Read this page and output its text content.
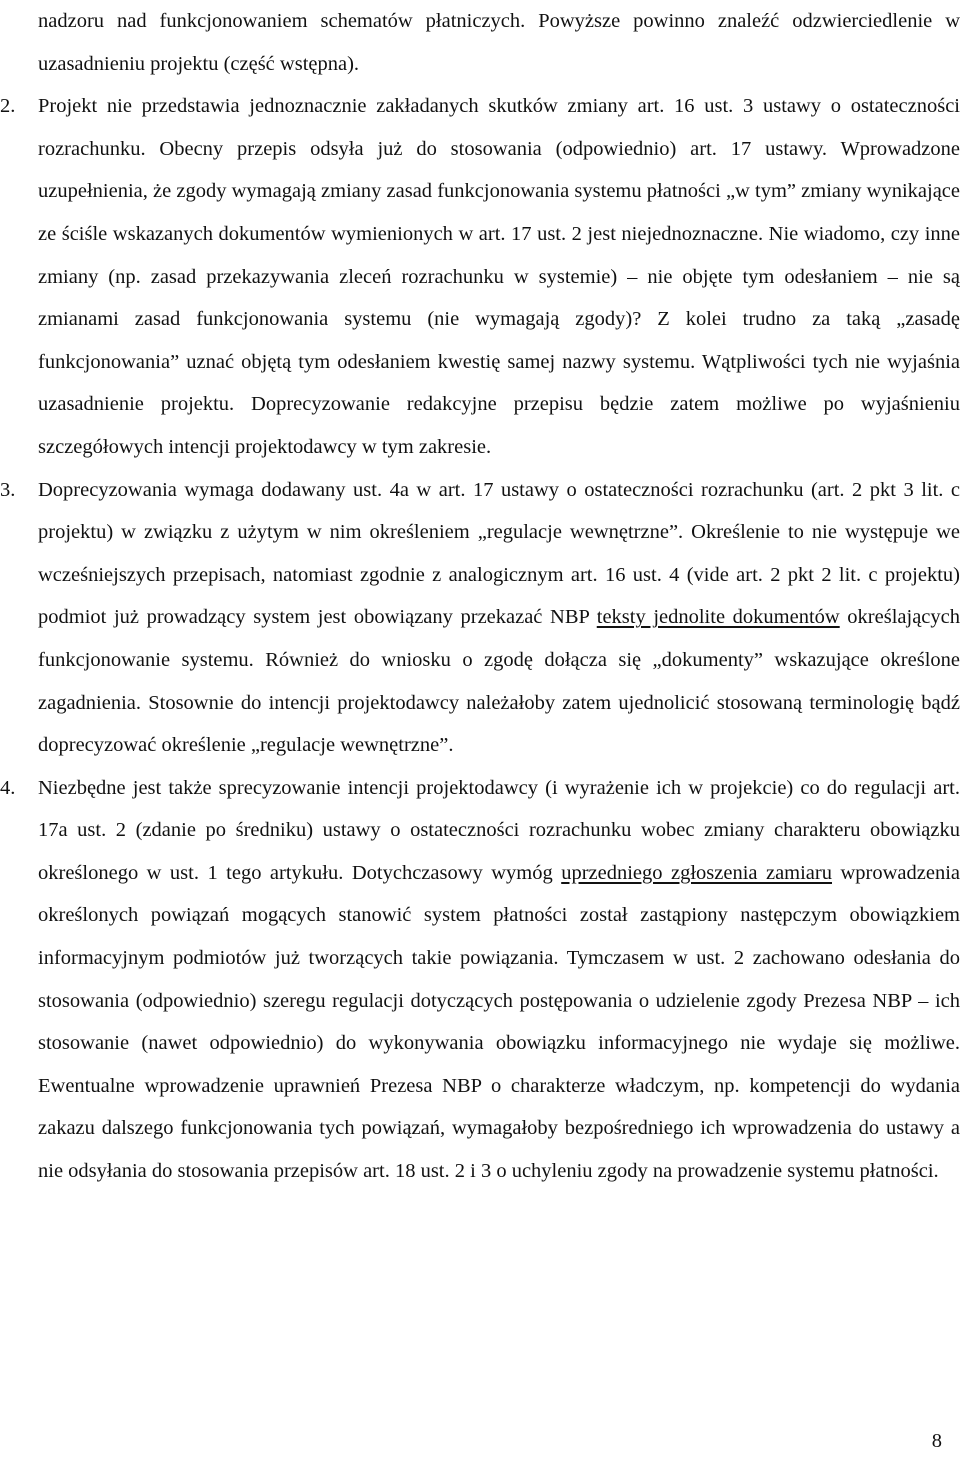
nadzoru nad funkcjonowaniem schematów płatniczych. Powyższe powinno znaleźć odzwierciedlenie w uzasadnieniu projektu (część wstępna).

2. Projekt nie przedstawia jednoznacznie zakładanych skutków zmiany art. 16 ust. 3 ustawy o ostateczności rozrachunku. Obecny przepis odsyła już do stosowania (odpowiednio) art. 17 ustawy. Wprowadzone uzupełnienia, że zgody wymagają zmiany zasad funkcjonowania systemu płatności „w tym” zmiany wynikające ze ściśle wskazanych dokumentów wymienionych w art. 17 ust. 2 jest niejednoznaczne. Nie wiadomo, czy inne zmiany (np. zasad przekazywania zleceń rozrachunku w systemie) – nie objęte tym odesłaniem – nie są zmianami zasad funkcjonowania systemu (nie wymagają zgody)? Z kolei trudno za taką „zasadę funkcjonowania” uznać objętą tym odesłaniem kwestię samej nazwy systemu. Wątpliwości tych nie wyjaśnia uzasadnienie projektu. Doprecyzowanie redakcyjne przepisu będzie zatem możliwe po wyjaśnieniu szczegółowych intencji projektodawcy w tym zakresie.
3. Doprecyzowania wymaga dodawany ust. 4a w art. 17 ustawy o ostateczności rozrachunku (art. 2 pkt 3 lit. c projektu) w związku z użytym w nim określeniem „regulacje wewnętrzne”. Określenie to nie występuje we wcześniejszych przepisach, natomiast zgodnie z analogicznym art. 16 ust. 4 (vide art. 2 pkt 2 lit. c projektu) podmiot już prowadzący system jest obowiązany przekazać NBP teksty jednolite dokumentów określających funkcjonowanie systemu. Również do wniosku o zgodę dołącza się „dokumenty” wskazujące określone zagadnienia. Stosownie do intencji projektodawcy należałoby zatem ujednolicić stosowaną terminologię bądź doprecyzować określenie „regulacje wewnętrzne”.
4. Niezbędne jest także sprecyzowanie intencji projektodawcy (i wyrażenie ich w projekcie) co do regulacji art. 17a ust. 2 (zdanie po średniku) ustawy o ostateczności rozrachunku wobec zmiany charakteru obowiązku określonego w ust. 1 tego artykułu. Dotychczasowy wymóg uprzedniego zgłoszenia zamiaru wprowadzenia określonych powiązań mogących stanowić system płatności został zastąpiony następczym obowiązkiem informacyjnym podmiotów już tworzących takie powiązania. Tymczasem w ust. 2 zachowano odesłania do stosowania (odpowiednio) szeregu regulacji dotyczących postępowania o udzielenie zgody Prezesa NBP – ich stosowanie (nawet odpowiednio) do wykonywania obowiązku informacyjnego nie wydaje się możliwe. Ewentualne wprowadzenie uprawnień Prezesa NBP o charakterze władczym, np. kompetencji do wydania zakazu dalszego funkcjonowania tych powiązań, wymagałoby bezpośredniego ich wprowadzenia do ustawy a nie odsyłania do stosowania przepisów art. 18 ust. 2 i 3 o uchyleniu zgody na prowadzenie systemu płatności.
8
